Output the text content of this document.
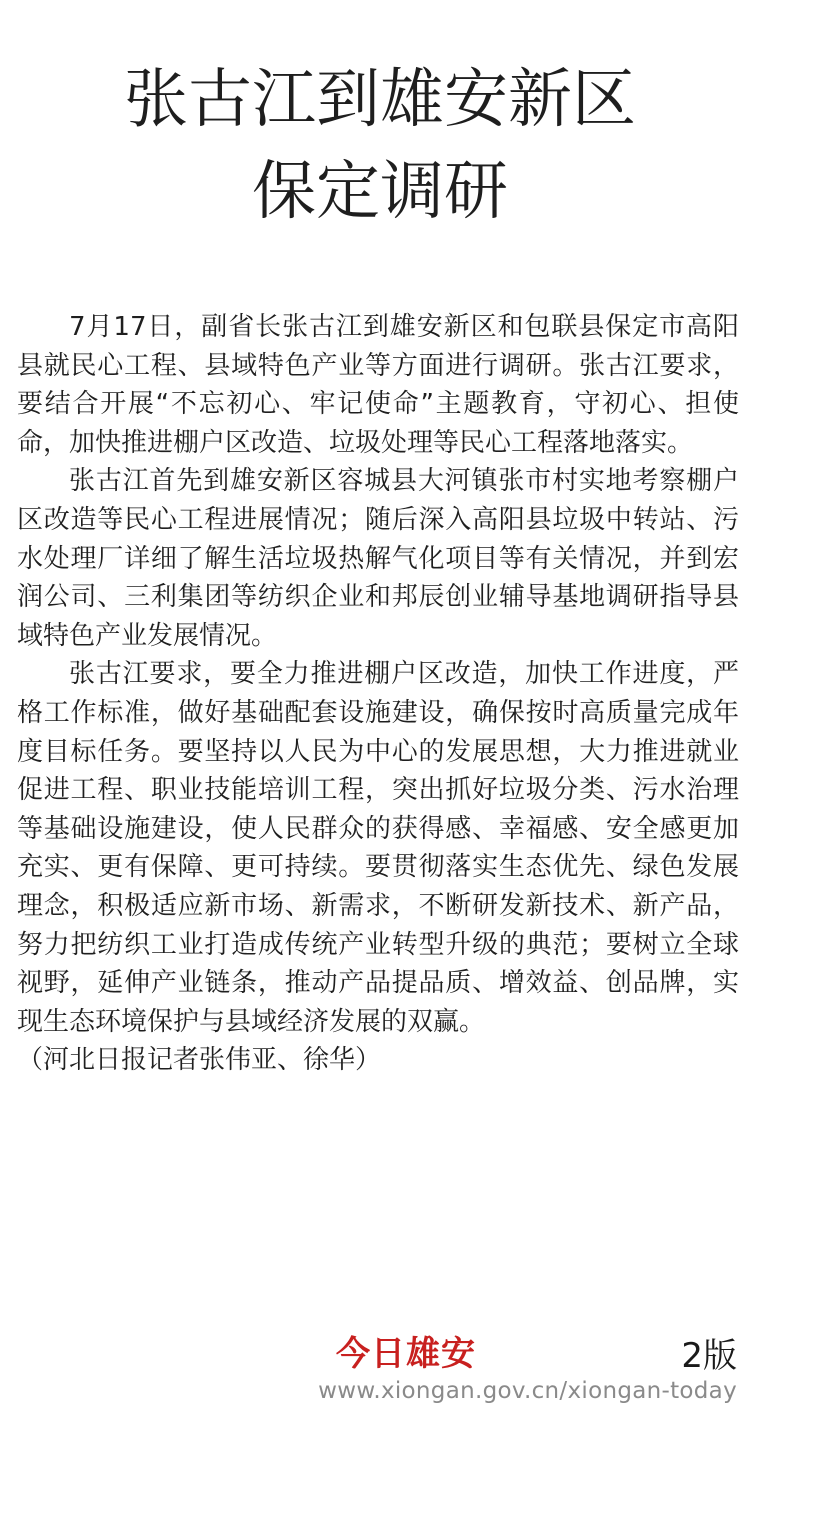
张古江到雄安新区
保定调研

7月17日，副省长张古江到雄安新区和包联县保定市高阳县就民心工程、县域特色产业等方面进行调研。张古江要求，要结合开展“不忘初心、牢记使命”主题教育，守初心、担使命，加快推进棚户区改造、垃圾处理等民心工程落地落实。

张古江首先到雄安新区容城县大河镇张市村实地考察棚户区改造等民心工程进展情况；随后深入高阳县垃圾中转站、污水处理厂详细了解生活垃圾热解气化项目等有关情况，并到宏润公司、三利集团等纺织企业和邦辰创业辅导基地调研指导县域特色产业发展情况。

张古江要求，要全力推进棚户区改造，加快工作进度，严格工作标准，做好基础配套设施建设，确保按时高质量完成年度目标任务。要坚持以人民为中心的发展思想，大力推进就业促进工程、职业技能培训工程，突出抓好垃圾分类、污水治理等基础设施建设，使人民群众的获得感、幸福感、安全感更加充实、更有保障、更可持续。要贯彻落实生态优先、绿色发展理念，积极适应新市场、新需求，不断研发新技术、新产品，努力把纺织工业打造成传统产业转型升级的典范；要树立全球视野，延伸产业链条，推动产品提品质、增效益、创品牌，实现生态环境保护与县域经济发展的双赢。

（河北日报记者张伟亚、徐华）

今日雄安	2版
www.xiongan.gov.cn/xiongan-today
